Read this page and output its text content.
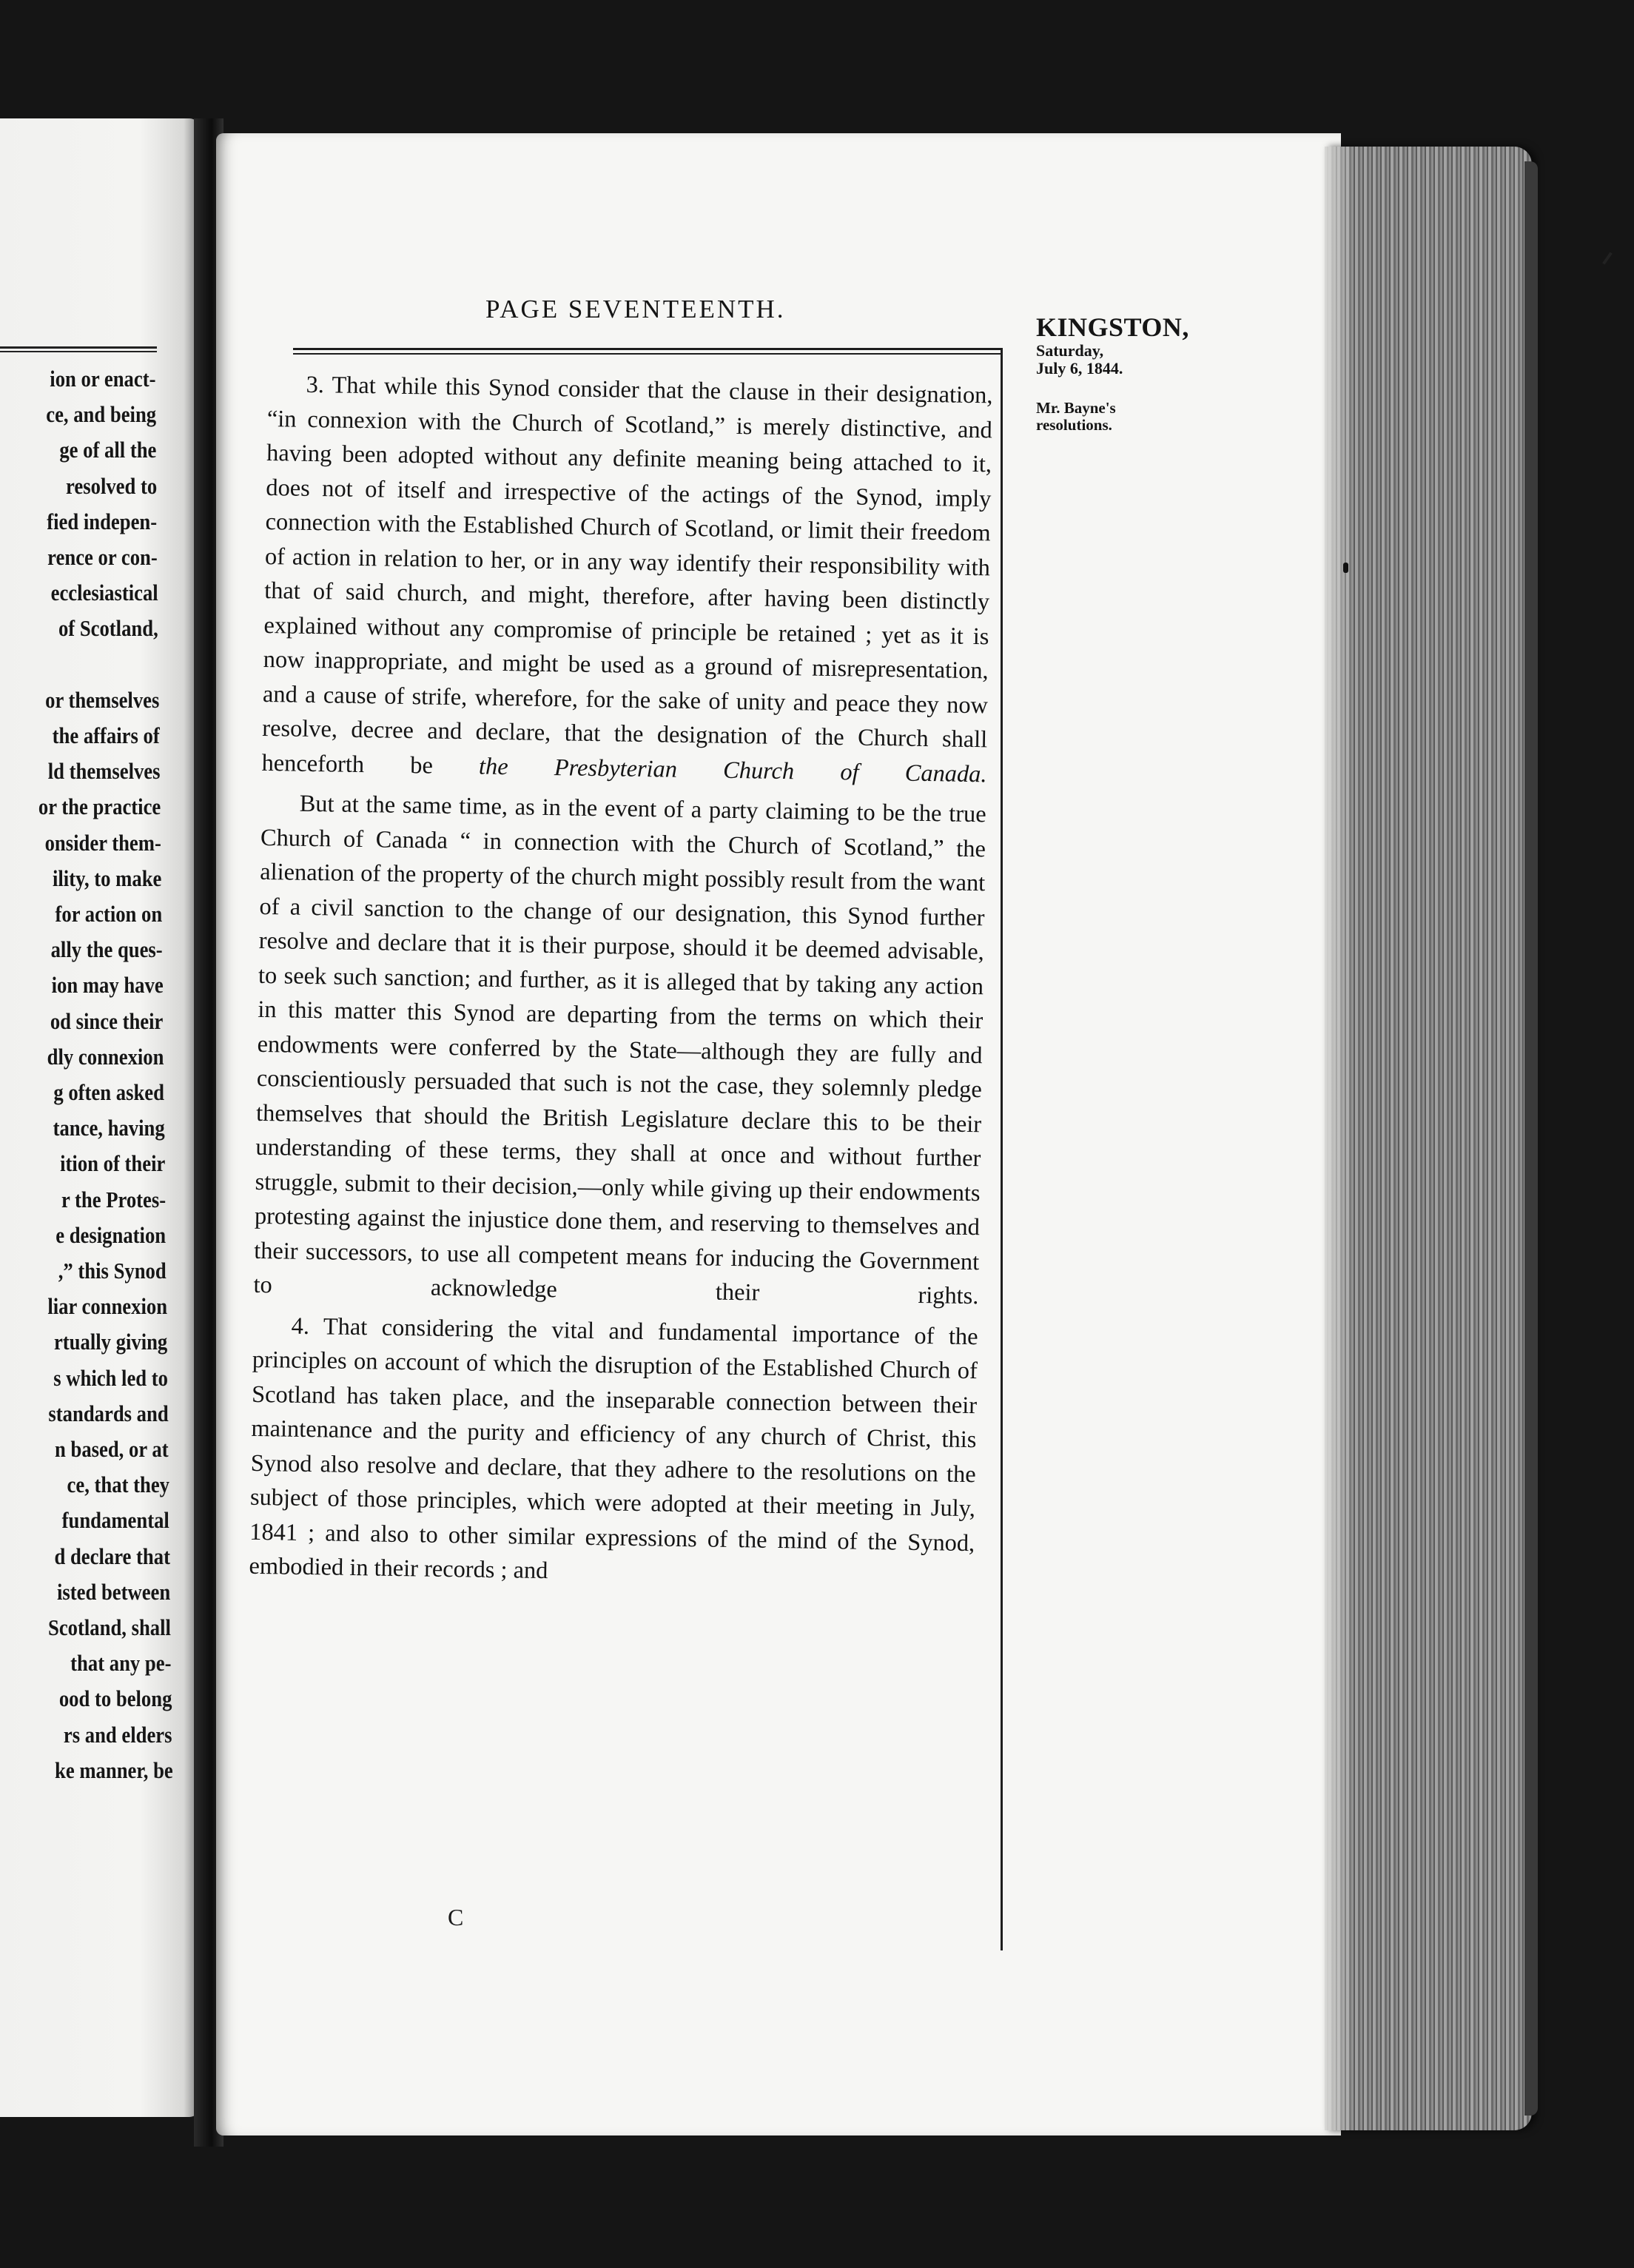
ion or enact-
ce, and being
ge of all the
resolved to
fied indepen-
rence or con-
ecclesiastical
of Scotland,
or themselves
the affairs of
ld themselves
or the practice
onsider them-
ility, to make
for action on
ally the ques-
ion may have
od since their
dly connexion
g often asked
tance, having
ition of their
r the Protes-
e designation
,” this Synod
liar connexion
rtually giving
s which led to
standards and
n based, or at
ce, that they
fundamental
d declare that
isted between
Scotland, shall
that any pe-
ood to belong
rs and elders
ke manner, be
PAGE SEVENTEENTH.

3. That while this Synod consider that the clause in their designation, “in connexion with the Church of Scotland,” is merely distinctive, and having been adopted without any definite meaning being attached to it, does not of itself and irrespective of the actings of the Synod, imply connection with the Established Church of Scotland, or limit their freedom of action in relation to her, or in any way identify their responsibility with that of said church, and might, therefore, after having been distinctly explained without any compromise of principle be retained ; yet as it is now inappropriate, and might be used as a ground of misrepresentation, and a cause of strife, wherefore, for the sake of unity and peace they now resolve, decree and declare, that the designation of the Church shall henceforth be the Presbyterian Church of Canada.

But at the same time, as in the event of a party claiming to be the true Church of Canada “ in connection with the Church of Scotland,” the alienation of the property of the church might possibly result from the want of a civil sanction to the change of our designation, this Synod further resolve and declare that it is their purpose, should it be deemed advisable, to seek such sanction; and further, as it is alleged that by taking any action in this matter this Synod are departing from the terms on which their endowments were conferred by the State—although they are fully and conscientiously persuaded that such is not the case, they solemnly pledge themselves that should the British Legislature declare this to be their understanding of these terms, they shall at once and without further struggle, submit to their decision,—only while giving up their endowments protesting against the injustice done them, and reserving to themselves and their successors, to use all competent means for inducing the Government to acknowledge their rights.

4. That considering the vital and fundamental importance of the principles on account of which the disruption of the Established Church of Scotland has taken place, and the inseparable connection between their maintenance and the purity and efficiency of any church of Christ, this Synod also resolve and declare, that they adhere to the resolutions on the subject of those principles, which were adopted at their meeting in July, 1841 ; and also to other similar expressions of the mind of the Synod, embodied in their records ; and

C
KINGSTON,
Saturday,
July 6, 1844.
Mr. Bayne's
resolutions.
